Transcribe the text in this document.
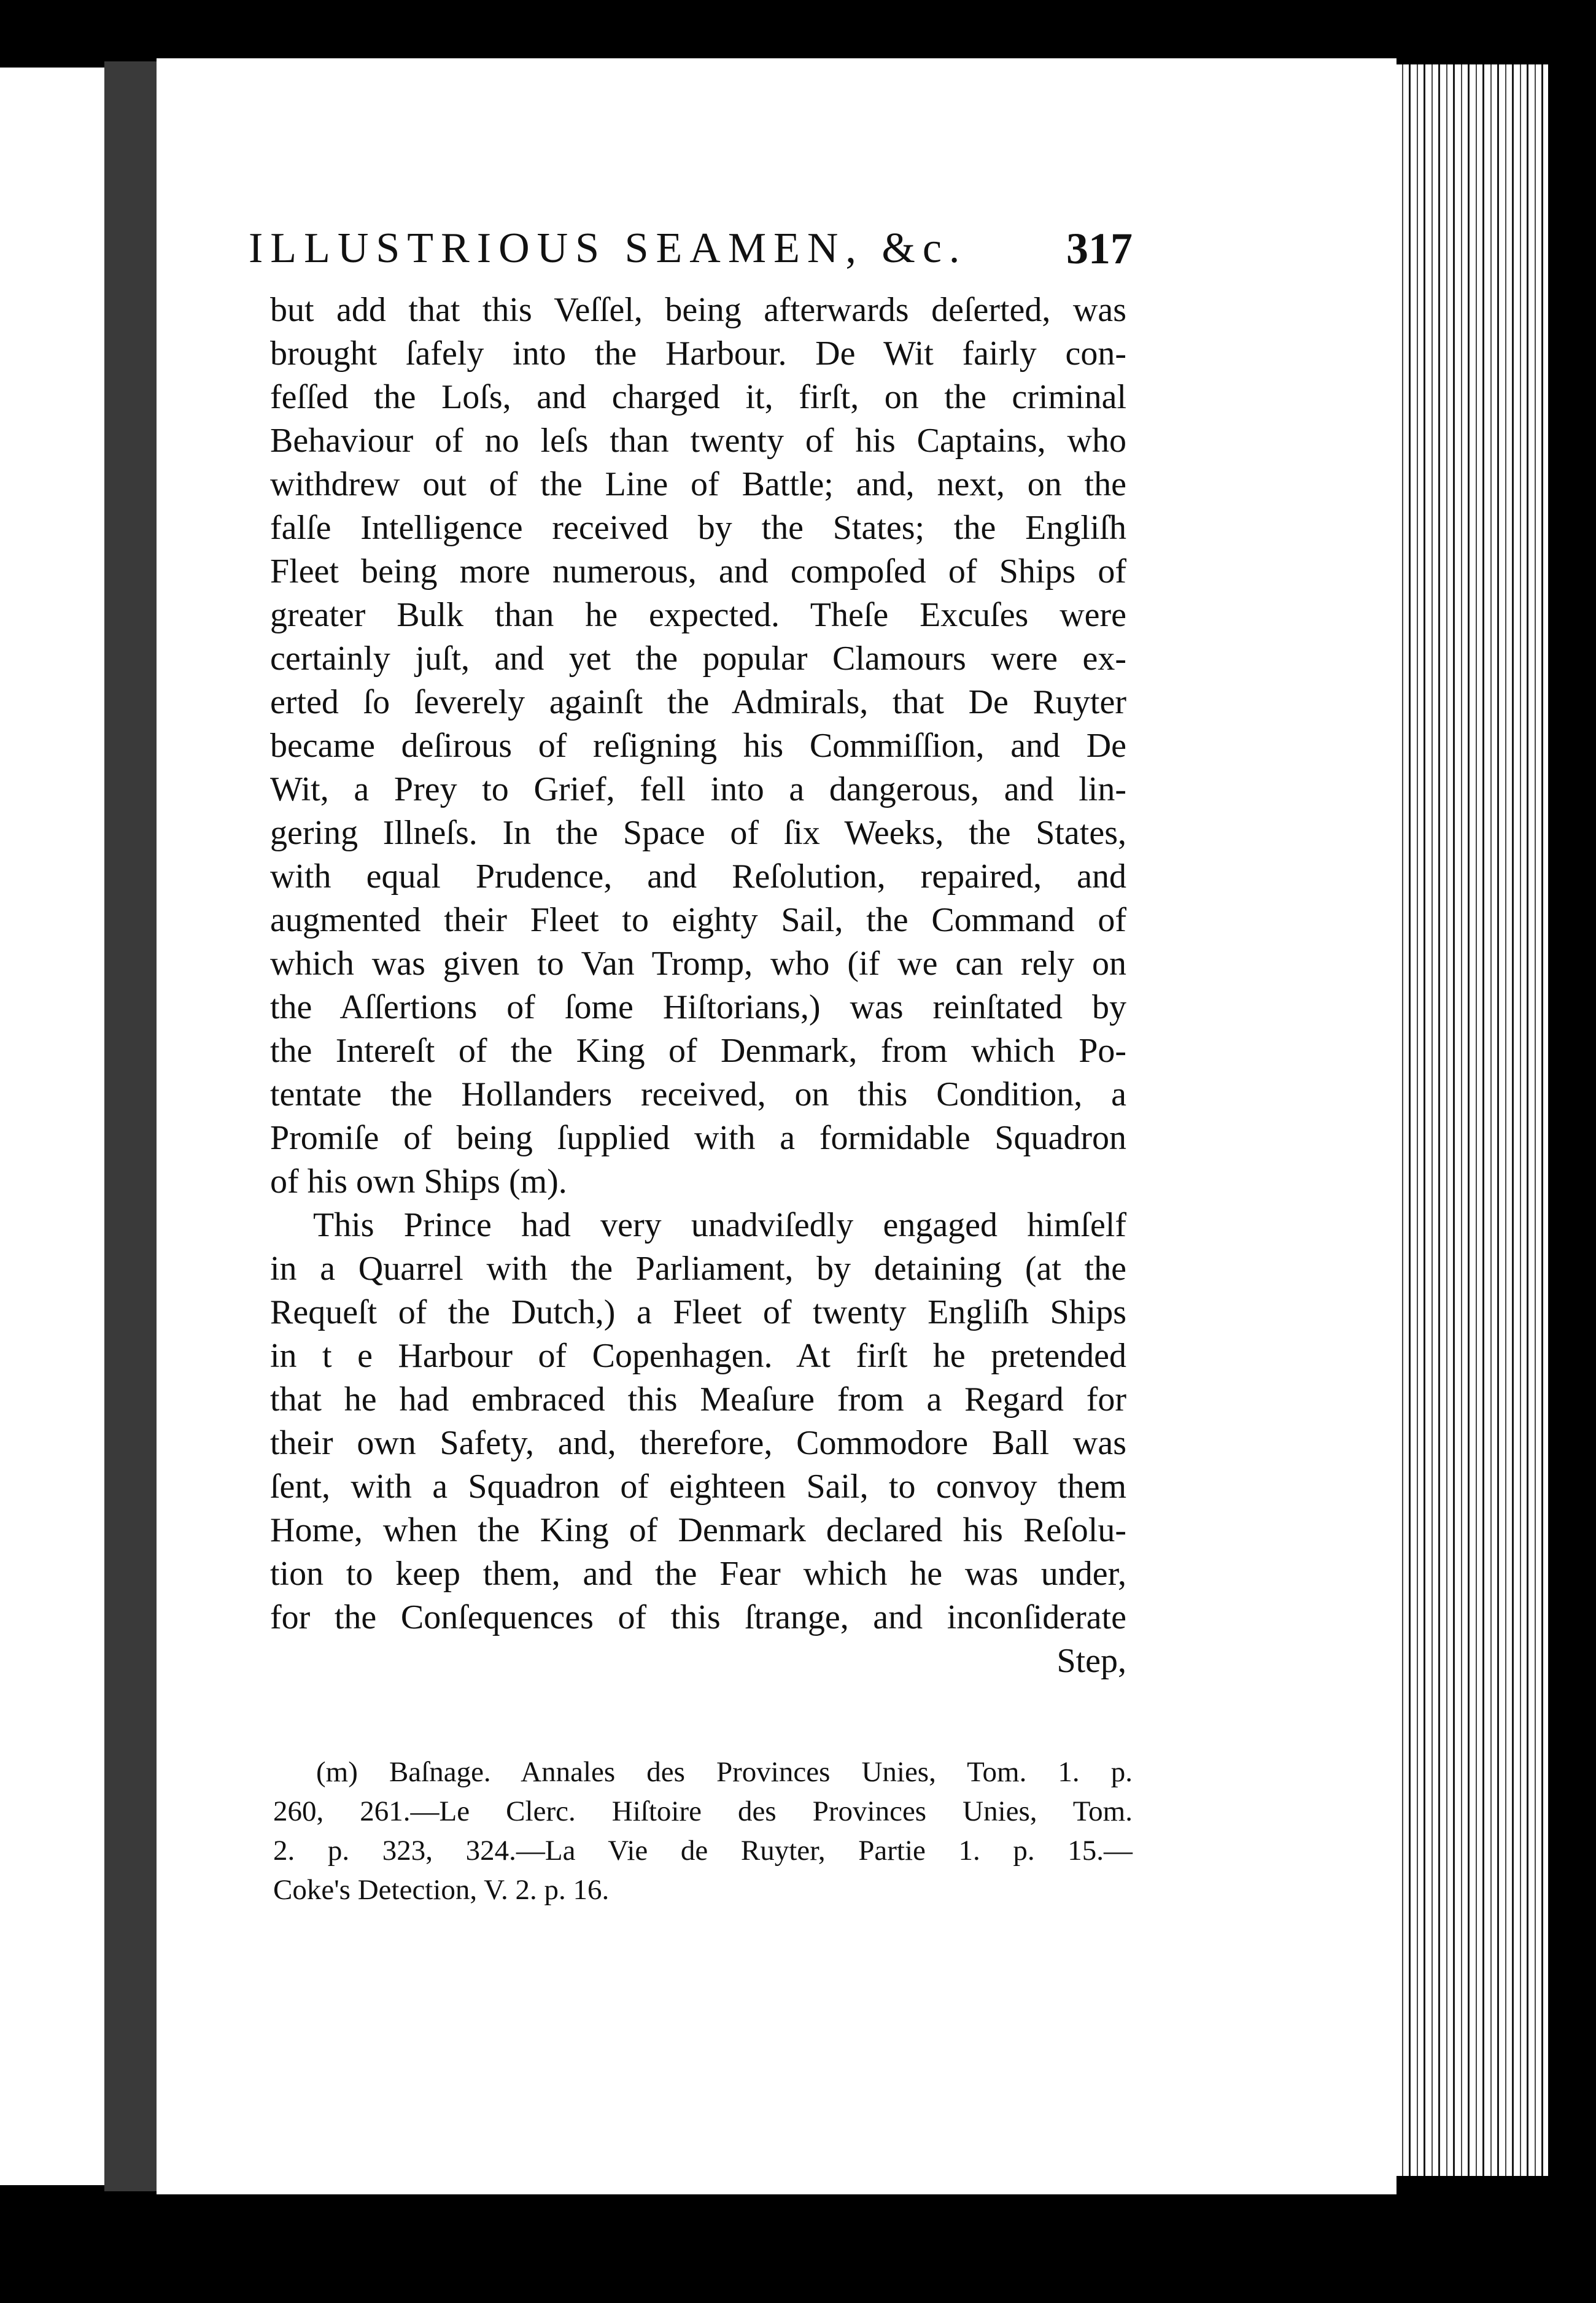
ILLUSTRIOUS SEAMEN, &c. 317
but add that this Veſſel, being afterwards deſerted, was
brought ſafely into the Harbour. De Wit fairly con-
feſſed the Loſs, and charged it, firſt, on the criminal
Behaviour of no leſs than twenty of his Captains, who
withdrew out of the Line of Battle; and, next, on the
falſe Intelligence received by the States; the Engliſh
Fleet being more numerous, and compoſed of Ships of
greater Bulk than he expected. Theſe Excuſes were
certainly juſt, and yet the popular Clamours were ex-
erted ſo ſeverely againſt the Admirals, that De Ruyter
became deſirous of reſigning his Commiſſion, and De
Wit, a Prey to Grief, fell into a dangerous, and lin-
gering Illneſs. In the Space of ſix Weeks, the States,
with equal Prudence, and Reſolution, repaired, and
augmented their Fleet to eighty Sail, the Command of
which was given to Van Tromp, who (if we can rely on
the Aſſertions of ſome Hiſtorians,) was reinſtated by
the Intereſt of the King of Denmark, from which Po-
tentate the Hollanders received, on this Condition, a
Promiſe of being ſupplied with a formidable Squadron
of his own Ships (m).
This Prince had very unadviſedly engaged himſelf
in a Quarrel with the Parliament, by detaining (at the
Requeſt of the Dutch,) a Fleet of twenty Engliſh Ships
in t e Harbour of Copenhagen. At firſt he pretended
that he had embraced this Meaſure from a Regard for
their own Safety, and, therefore, Commodore Ball was
ſent, with a Squadron of eighteen Sail, to convoy them
Home, when the King of Denmark declared his Reſolu-
tion to keep them, and the Fear which he was under,
for the Conſequences of this ſtrange, and inconſiderate
Step,
(m) Baſnage. Annales des Provinces Unies, Tom. 1. p.
260, 261.—Le Clerc. Hiſtoire des Provinces Unies, Tom.
2. p. 323, 324.—La Vie de Ruyter, Partie 1. p. 15.—
Coke's Detection, V. 2. p. 16.
